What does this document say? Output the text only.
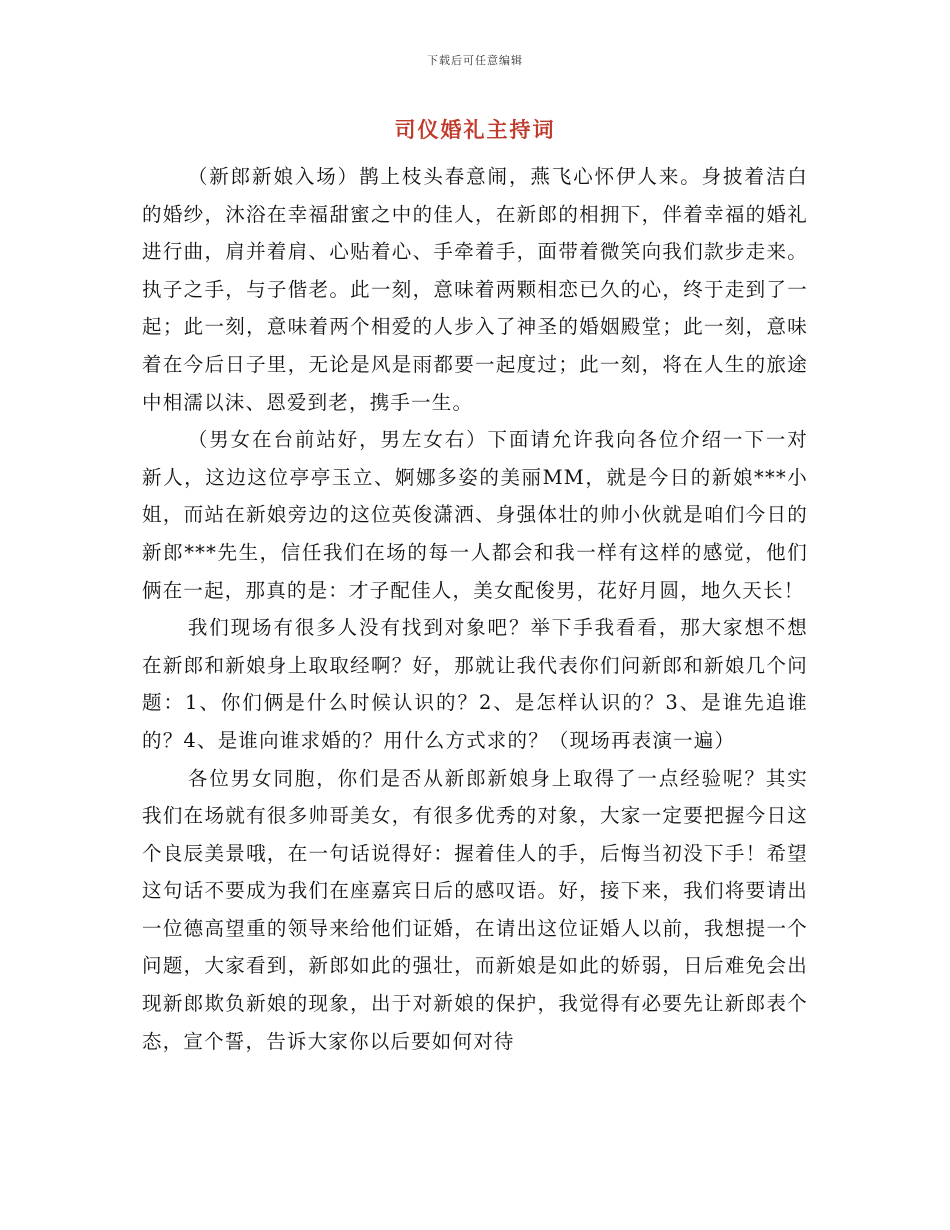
下载后可任意编辑
司仪婚礼主持词

（新郎新娘入场）鹊上枝头春意闹，燕飞心怀伊人来。身披着洁白的婚纱，沐浴在幸福甜蜜之中的佳人，在新郎的相拥下，伴着幸福的婚礼进行曲，肩并着肩、心贴着心、手牵着手，面带着微笑向我们款步走来。执子之手，与子偕老。此一刻，意味着两颗相恋已久的心，终于走到了一起；此一刻，意味着两个相爱的人步入了神圣的婚姻殿堂；此一刻，意味着在今后日子里，无论是风是雨都要一起度过；此一刻，将在人生的旅途中相濡以沫、恩爱到老，携手一生。

（男女在台前站好，男左女右）下面请允许我向各位介绍一下一对新人，这边这位亭亭玉立、婀娜多姿的美丽MM，就是今日的新娘***小姐，而站在新娘旁边的这位英俊潇洒、身强体壮的帅小伙就是咱们今日的新郎***先生，信任我们在场的每一人都会和我一样有这样的感觉，他们俩在一起，那真的是：才子配佳人，美女配俊男，花好月圆，地久天长！

我们现场有很多人没有找到对象吧？举下手我看看，那大家想不想在新郎和新娘身上取取经啊？好，那就让我代表你们问新郎和新娘几个问题：1、你们俩是什么时候认识的？2、是怎样认识的？3、是谁先追谁的？4、是谁向谁求婚的？用什么方式求的？（现场再表演一遍）

各位男女同胞，你们是否从新郎新娘身上取得了一点经验呢？其实我们在场就有很多帅哥美女，有很多优秀的对象，大家一定要把握今日这个良辰美景哦，在一句话说得好：握着佳人的手，后悔当初没下手！希望这句话不要成为我们在座嘉宾日后的感叹语。好，接下来，我们将要请出一位德高望重的领导来给他们证婚，在请出这位证婚人以前，我想提一个问题，大家看到，新郎如此的强壮，而新娘是如此的娇弱，日后难免会出现新郎欺负新娘的现象，出于对新娘的保护，我觉得有必要先让新郎表个态，宣个誓，告诉大家你以后要如何对待
